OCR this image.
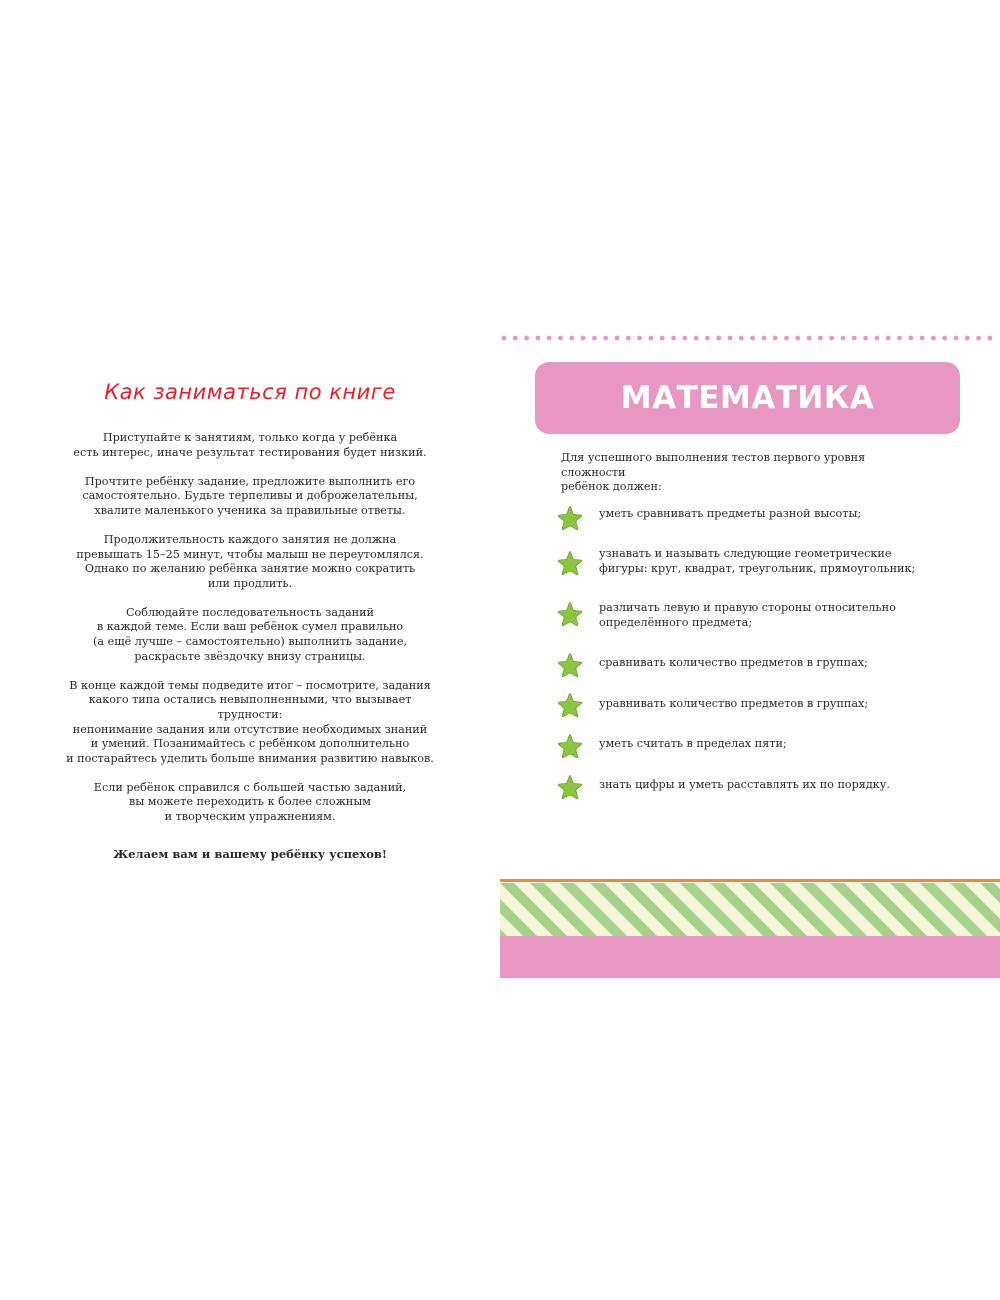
Как заниматься по книге

Приступайте к занятиям, только когда у ребёнка
есть интерес, иначе результат тестирования будет низкий.

Прочтите ребёнку задание, предложите выполнить его
самостоятельно. Будьте терпеливы и доброжелательны,
хвалите маленького ученика за правильные ответы.

Продолжительность каждого занятия не должна
превышать 15–25 минут, чтобы малыш не переутомлялся.
Однако по желанию ребёнка занятие можно сократить
или продлить.

Соблюдайте последовательность заданий
в каждой теме. Если ваш ребёнок сумел правильно
(а ещё лучше – самостоятельно) выполнить задание,
раскрасьте звёздочку внизу страницы.

В конце каждой темы подведите итог – посмотрите, задания
какого типа остались невыполненными, что вызывает трудности:
непонимание задания или отсутствие необходимых знаний
и умений. Позанимайтесь с ребёнком дополнительно
и постарайтесь уделить больше внимания развитию навыков.

Если ребёнок справился с большей частью заданий,
вы можете переходить к более сложным
и творческим упражнениям.

Желаем вам и вашему ребёнку успехов!

МАТЕМАТИКА
Для успешного выполнения тестов первого уровня сложности
ребёнок должен:
уметь сравнивать предметы разной высоты;
узнавать и называть следующие геометрические
фигуры: круг, квадрат, треугольник, прямоугольник;
различать левую и правую стороны относительно
определённого предмета;
сравнивать количество предметов в группах;
уравнивать количество предметов в группах;
уметь считать в пределах пяти;
знать цифры и уметь расставлять их по порядку.
